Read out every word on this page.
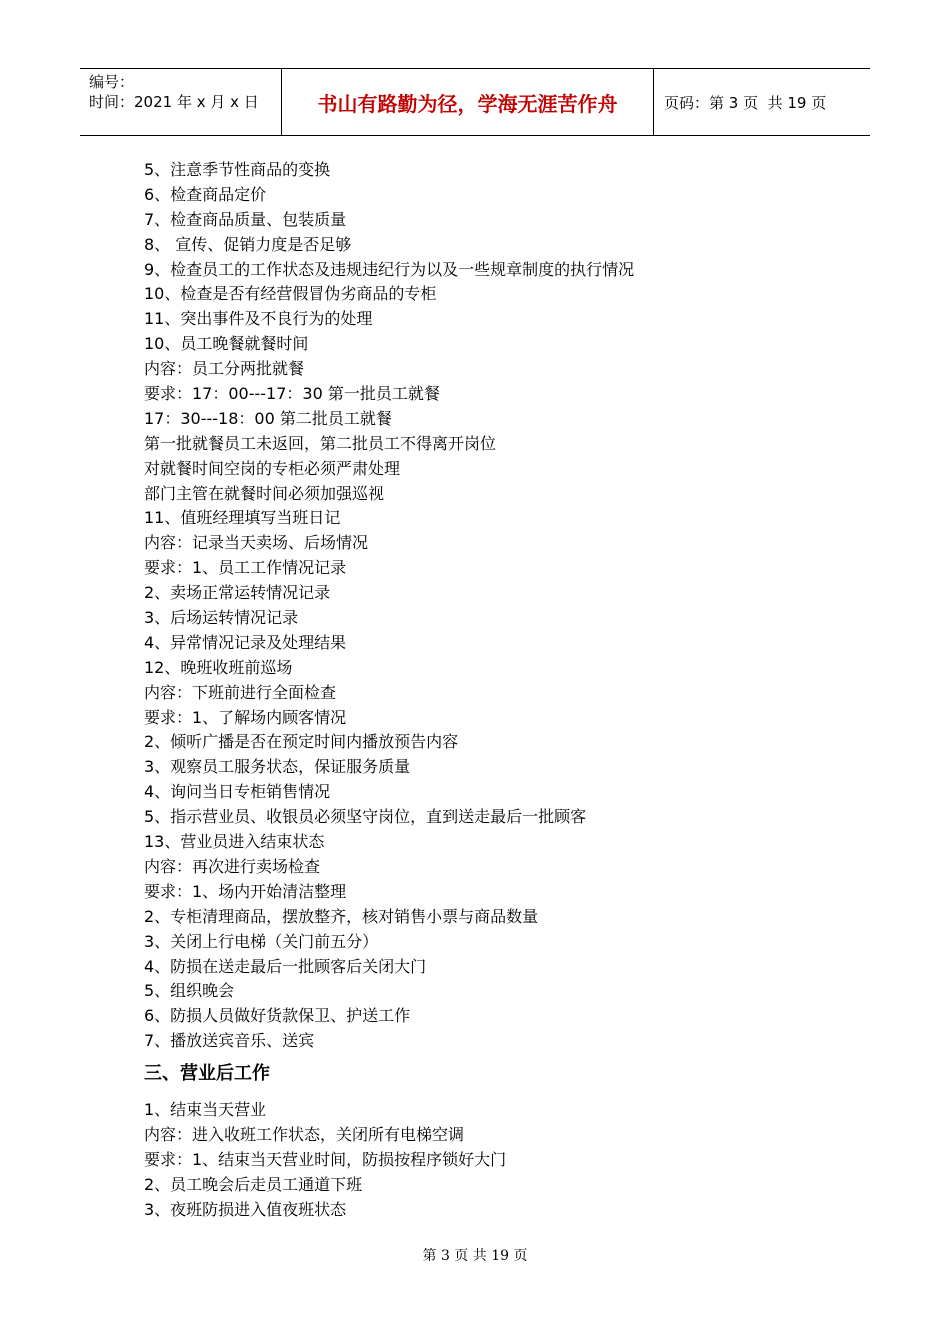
编号：
时间：2021 年 x 月 x 日	书山有路勤为径，学海无涯苦作舟	页码：第 3 页  共 19 页
5、注意季节性商品的变换
6、检查商品定价
7、检查商品质量、包装质量
8、 宣传、促销力度是否足够
9、检查员工的工作状态及违规违纪行为以及一些规章制度的执行情况
10、检查是否有经营假冒伪劣商品的专柜
11、突出事件及不良行为的处理
10、员工晚餐就餐时间
内容：员工分两批就餐
要求：17：00---17：30 第一批员工就餐
17：30---18：00 第二批员工就餐
第一批就餐员工未返回，第二批员工不得离开岗位
对就餐时间空岗的专柜必须严肃处理
部门主管在就餐时间必须加强巡视
11、值班经理填写当班日记
内容：记录当天卖场、后场情况
要求：1、员工工作情况记录
2、卖场正常运转情况记录
3、后场运转情况记录
4、异常情况记录及处理结果
12、晚班收班前巡场
内容：下班前进行全面检查
要求：1、了解场内顾客情况
2、倾听广播是否在预定时间内播放预告内容
3、观察员工服务状态，保证服务质量
4、询问当日专柜销售情况
5、指示营业员、收银员必须坚守岗位，直到送走最后一批顾客
13、营业员进入结束状态
内容：再次进行卖场检查
要求：1、场内开始清洁整理
2、专柜清理商品，摆放整齐，核对销售小票与商品数量
3、关闭上行电梯（关门前五分）
4、防损在送走最后一批顾客后关闭大门
5、组织晚会
6、防损人员做好货款保卫、护送工作
7、播放送宾音乐、送宾
三、营业后工作
1、结束当天营业
内容：进入收班工作状态，关闭所有电梯空调
要求：1、结束当天营业时间，防损按程序锁好大门
2、员工晚会后走员工通道下班
3、夜班防损进入值夜班状态
第 3 页 共 19 页
